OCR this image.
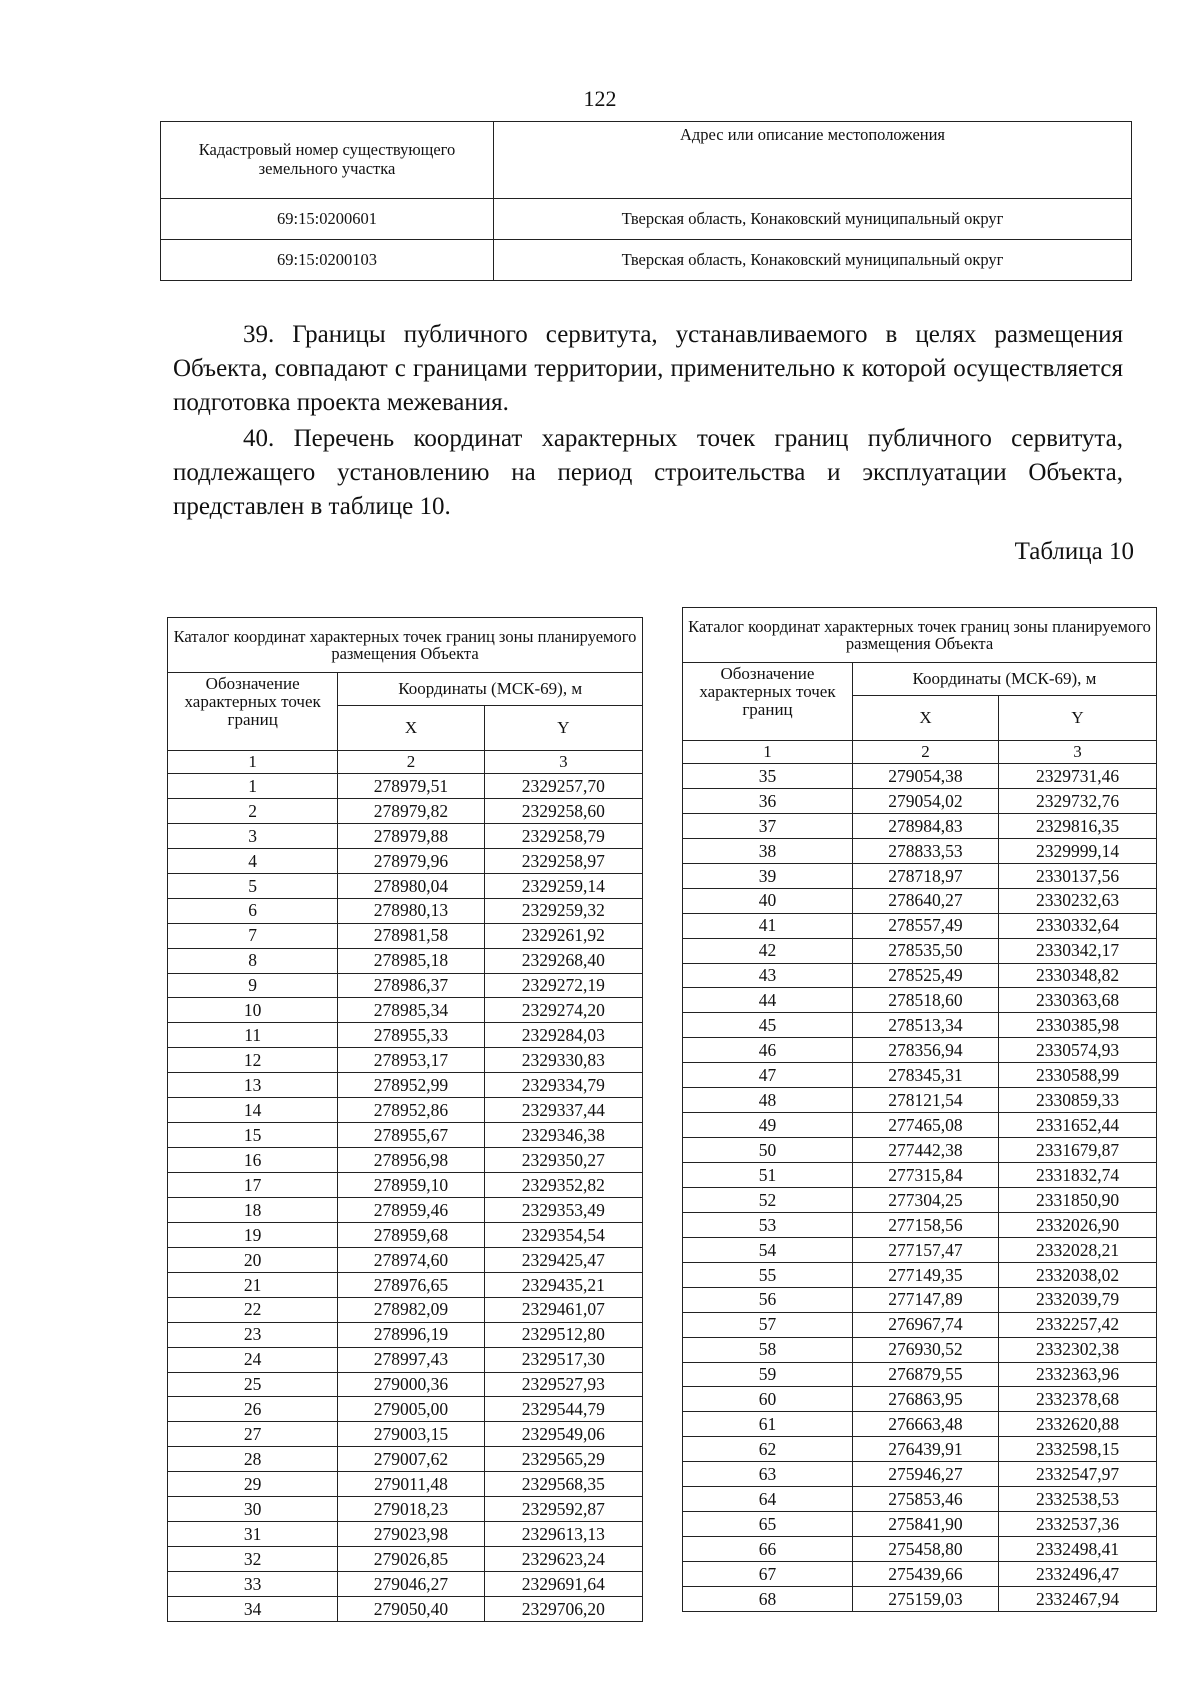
122
Кадастровый номер существующего земельного участка	Адрес или описание местоположения
69:15:0200601	Тверская область, Конаковский муниципальный округ
69:15:0200103	Тверская область, Конаковский муниципальный округ

39. Границы публичного сервитута, устанавливаемого в целях размещения Объекта, совпадают с границами территории, применительно к которой осуществляется подготовка проекта межевания.

40. Перечень координат характерных точек границ публичного сервитута, подлежащего установлению на период строительства и эксплуатации Объекта, представлен в таблице 10.

Таблица 10
Каталог координат характерных точек границ зоны планируемого размещения Объекта		
Обозначение характерных точек границ	Координаты (МСК-69), м	
	X	Y
1	2	3
1	278979,51	2329257,70
2	278979,82	2329258,60
3	278979,88	2329258,79
4	278979,96	2329258,97
5	278980,04	2329259,14
6	278980,13	2329259,32
7	278981,58	2329261,92
8	278985,18	2329268,40
9	278986,37	2329272,19
10	278985,34	2329274,20
11	278955,33	2329284,03
12	278953,17	2329330,83
13	278952,99	2329334,79
14	278952,86	2329337,44
15	278955,67	2329346,38
16	278956,98	2329350,27
17	278959,10	2329352,82
18	278959,46	2329353,49
19	278959,68	2329354,54
20	278974,60	2329425,47
21	278976,65	2329435,21
22	278982,09	2329461,07
23	278996,19	2329512,80
24	278997,43	2329517,30
25	279000,36	2329527,93
26	279005,00	2329544,79
27	279003,15	2329549,06
28	279007,62	2329565,29
29	279011,48	2329568,35
30	279018,23	2329592,87
31	279023,98	2329613,13
32	279026,85	2329623,24
33	279046,27	2329691,64
34	279050,40	2329706,20
Каталог координат характерных точек границ зоны планируемого размещения Объекта		
Обозначение характерных точек границ	Координаты (МСК-69), м	
	X	Y
1	2	3
35	279054,38	2329731,46
36	279054,02	2329732,76
37	278984,83	2329816,35
38	278833,53	2329999,14
39	278718,97	2330137,56
40	278640,27	2330232,63
41	278557,49	2330332,64
42	278535,50	2330342,17
43	278525,49	2330348,82
44	278518,60	2330363,68
45	278513,34	2330385,98
46	278356,94	2330574,93
47	278345,31	2330588,99
48	278121,54	2330859,33
49	277465,08	2331652,44
50	277442,38	2331679,87
51	277315,84	2331832,74
52	277304,25	2331850,90
53	277158,56	2332026,90
54	277157,47	2332028,21
55	277149,35	2332038,02
56	277147,89	2332039,79
57	276967,74	2332257,42
58	276930,52	2332302,38
59	276879,55	2332363,96
60	276863,95	2332378,68
61	276663,48	2332620,88
62	276439,91	2332598,15
63	275946,27	2332547,97
64	275853,46	2332538,53
65	275841,90	2332537,36
66	275458,80	2332498,41
67	275439,66	2332496,47
68	275159,03	2332467,94
